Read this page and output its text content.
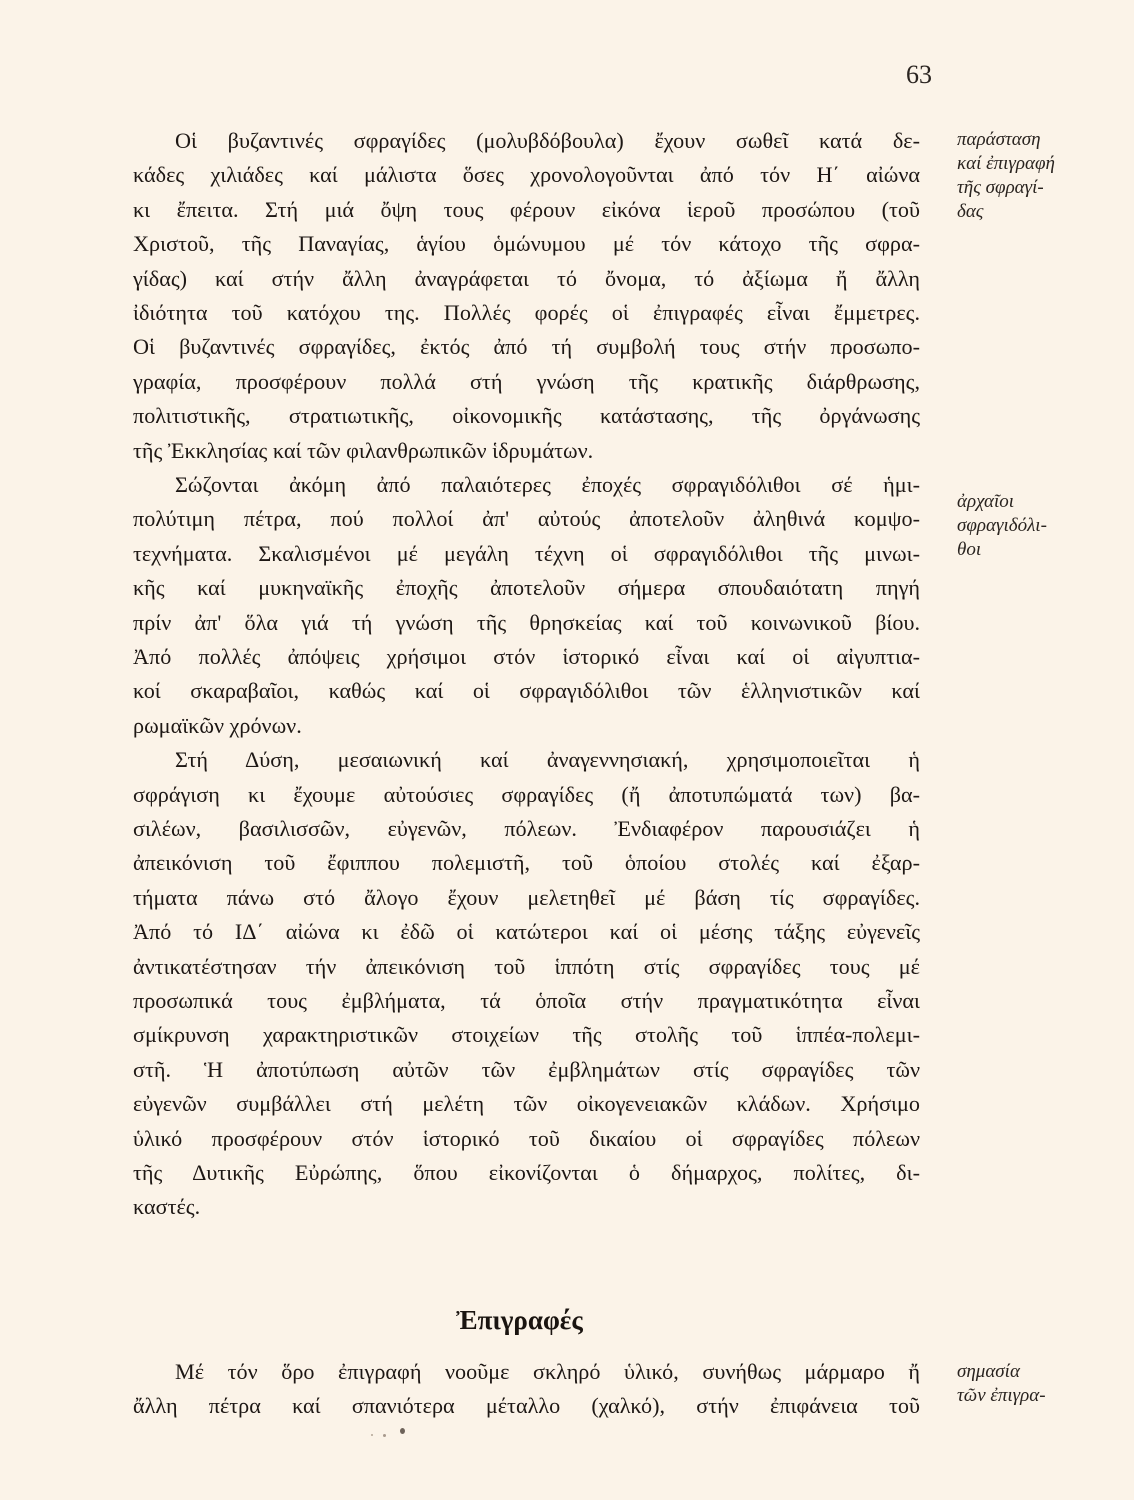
63
Οἱ βυζαντινές σφραγίδες (μολυβδόβουλα) ἔχουν σωθεῖ κατά δε-
κάδες χιλιάδες καί μάλιστα ὅσες χρονολογοῦνται ἀπό τόν Η΄ αἰώνα
κι ἔπειτα. Στή μιά ὄψη τους φέρουν εἰκόνα ἱεροῦ προσώπου (τοῦ
Χριστοῦ, τῆς Παναγίας, ἁγίου ὁμώνυμου μέ τόν κάτοχο τῆς σφρα-
γίδας) καί στήν ἄλλη ἀναγράφεται τό ὄνομα, τό ἀξίωμα ἤ ἄλλη
ἰδιότητα τοῦ κατόχου της. Πολλές φορές οἱ ἐπιγραφές εἶναι ἔμμετρες.
Οἱ βυζαντινές σφραγίδες, ἐκτός ἀπό τή συμβολή τους στήν προσωπο-
γραφία, προσφέρουν πολλά στή γνώση τῆς κρατικῆς διάρθρωσης,
πολιτιστικῆς, στρατιωτικῆς, οἰκονομικῆς κατάστασης, τῆς ὀργάνωσης
τῆς Ἐκκλησίας καί τῶν φιλανθρωπικῶν ἱδρυμάτων.
Σώζονται ἀκόμη ἀπό παλαιότερες ἐποχές σφραγιδόλιθοι σέ ἡμι-
πολύτιμη πέτρα, πού πολλοί ἀπ' αὐτούς ἀποτελοῦν ἀληθινά κομψο-
τεχνήματα. Σκαλισμένοι μέ μεγάλη τέχνη οἱ σφραγιδόλιθοι τῆς μινωι-
κῆς καί μυκηναϊκῆς ἐποχῆς ἀποτελοῦν σήμερα σπουδαιότατη πηγή
πρίν ἀπ' ὅλα γιά τή γνώση τῆς θρησκείας καί τοῦ κοινωνικοῦ βίου.
Ἀπό πολλές ἀπόψεις χρήσιμοι στόν ἱστορικό εἶναι καί οἱ αἰγυπτια-
κοί σκαραβαῖοι, καθώς καί οἱ σφραγιδόλιθοι τῶν ἑλληνιστικῶν καί
ρωμαϊκῶν χρόνων.
Στή Δύση, μεσαιωνική καί ἀναγεννησιακή, χρησιμοποιεῖται ἡ
σφράγιση κι ἔχουμε αὐτούσιες σφραγίδες (ἤ ἀποτυπώματά των) βα-
σιλέων, βασιλισσῶν, εὐγενῶν, πόλεων. Ἐνδιαφέρον παρουσιάζει ἡ
ἀπεικόνιση τοῦ ἔφιππου πολεμιστῆ, τοῦ ὁποίου στολές καί ἐξαρ-
τήματα πάνω στό ἄλογο ἔχουν μελετηθεῖ μέ βάση τίς σφραγίδες.
Ἀπό τό ΙΔ΄ αἰώνα κι ἐδῶ οἱ κατώτεροι καί οἱ μέσης τάξης εὐγενεῖς
ἀντικατέστησαν τήν ἀπεικόνιση τοῦ ἱππότη στίς σφραγίδες τους μέ
προσωπικά τους ἐμβλήματα, τά ὁποῖα στήν πραγματικότητα εἶναι
σμίκρυνση χαρακτηριστικῶν στοιχείων τῆς στολῆς τοῦ ἱππέα-πολεμι-
στῆ. Ἡ ἀποτύπωση αὐτῶν τῶν ἐμβλημάτων στίς σφραγίδες τῶν
εὐγενῶν συμβάλλει στή μελέτη τῶν οἰκογενειακῶν κλάδων. Χρήσιμο
ὑλικό προσφέρουν στόν ἱστορικό τοῦ δικαίου οἱ σφραγίδες πόλεων
τῆς Δυτικῆς Εὐρώπης, ὅπου εἰκονίζονται ὁ δήμαρχος, πολίτες, δι-
καστές.
Ἐπιγραφές
Μέ τόν ὅρο ἐπιγραφή νοοῦμε σκληρό ὑλικό, συνήθως μάρμαρο ἤ
ἄλλη πέτρα καί σπανιότερα μέταλλο (χαλκό), στήν ἐπιφάνεια τοῦ
παράσταση
καί ἐπιγραφή
τῆς σφραγί-
δας
ἀρχαῖοι
σφραγιδόλι-
θοι
σημασία
τῶν ἐπιγρα-
